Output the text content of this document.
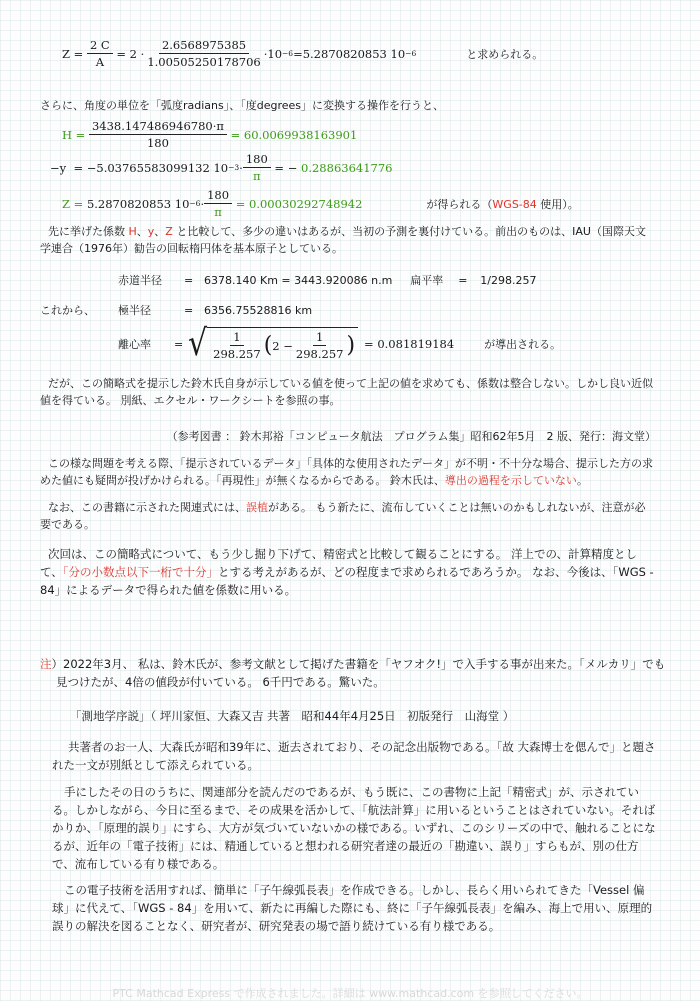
Z =
$\frac{2 C}{A}$
= $2 \cdot \frac{2.6568975385}{1.00505250178706} \cdot 10 -6 =5.2870820853$ 10 −6	と求められる。
さらに、角度の単位を「弧度radians」、「度degrees」に変換する操作を行うと、
H =
$\frac{3438.147486946780\cdot\pi}{180}$
=
60.0069938163901
−y
=
−5.03765583099132 $10 -3 \cdot \frac{180}{\pi}$
= −
0.28863641776
Z =
5.2870820853 $10 -6 \cdot \frac{180}{\pi}$
=
0.00030292748942	が得られる（WGS-84 使用）。
先に挙げた係数 H、y、Z と比較して、多少の違いはあるが、当初の予測を裏付けている。前出のものは、IAU（国際天文学連合（1976年）勧告の回転楕円体を基本原子としている。
赤道半径	= 6378.140 Km = 3443.920086 n.m 扁平率	=	1/298.257
これから、 極半径	= 6356.75528816 km
離心率	= √ $\frac{1}{298.257}$ ( $2 - \frac{1}{298.257}$ ) = 0.081819184	が導出される。
だが、この簡略式を提示した鈴木氏自身が示している値を使って上記の値を求めても、係数は整合しない。しかし良い近似値を得ている。 別紙、エクセル・ワークシートを参照の事。
（参考図書 ： 鈴木邦裕「コンピュータ航法　プログラム集」昭和62年5月　2 版、発行：海文堂）
この様な問題を考える際、「提示されているデータ」「具体的な使用されたデータ」が不明・不十分な場合、提示した方の求めた値にも疑問が投げかけられる。「再現性」が無くなるからである。 鈴木氏は、導出の過程を示していない。
なお、この書籍に示された関連式には、誤植がある。 もう新たに、流布していくことは無いのかもしれないが、注意が必要である。
次回は、この簡略式について、もう少し掘り下げて、精密式と比較して観ることにする。 洋上での、計算精度として、「分の小数点以下一桁で十分」とする考えがあるが、どの程度まで求められるであろうか。 なお、今後は、「WGS - 84」によるデータで得られた値を係数に用いる。
注）2022年3月、 私は、鈴木氏が、参考文献として掲げた書籍を「ヤフオク!」で入手する事が出来た。「メルカリ」でも見つけたが、4倍の値段が付いている。 6千円である。驚いた。
「測地学序説」（ 坪川家恒、大森又吉 共著　昭和44年4月25日　初版発行　山海堂 ）
共著者のお一人、大森氏が昭和39年に、逝去されており、その記念出版物である。「故 大森博士を偲んで」と題された一文が別紙として添えられている。
手にしたその日のうちに、関連部分を読んだのであるが、もう既に、この書物に上記「精密式」が、示されている。しかしながら、今日に至るまで、その成果を活かして、「航法計算」に用いるということはされていない。そればかりか、「原理的誤り」にすら、大方が気づいていないかの様である。いずれ、このシリーズの中で、触れることになるが、近年の「電子技術」には、精通していると想われる研究者達の最近の「勘違い、誤り」すらもが、別の仕方で、流布している有り様である。
この電子技術を活用すれば、簡単に「子午線弧長表」を作成できる。しかし、長らく用いられてきた「Vessel 偏球」に代えて、「WGS - 84」を用いて、新たに再編した際にも、終に「子午線弧長表」を編み、海上で用い、原理的誤りの解決を図ることなく、研究者が、研究発表の場で語り続けている有り様である。
PTC Mathcad Express で作成されました。詳細は www.mathcad.com を参照してください。
